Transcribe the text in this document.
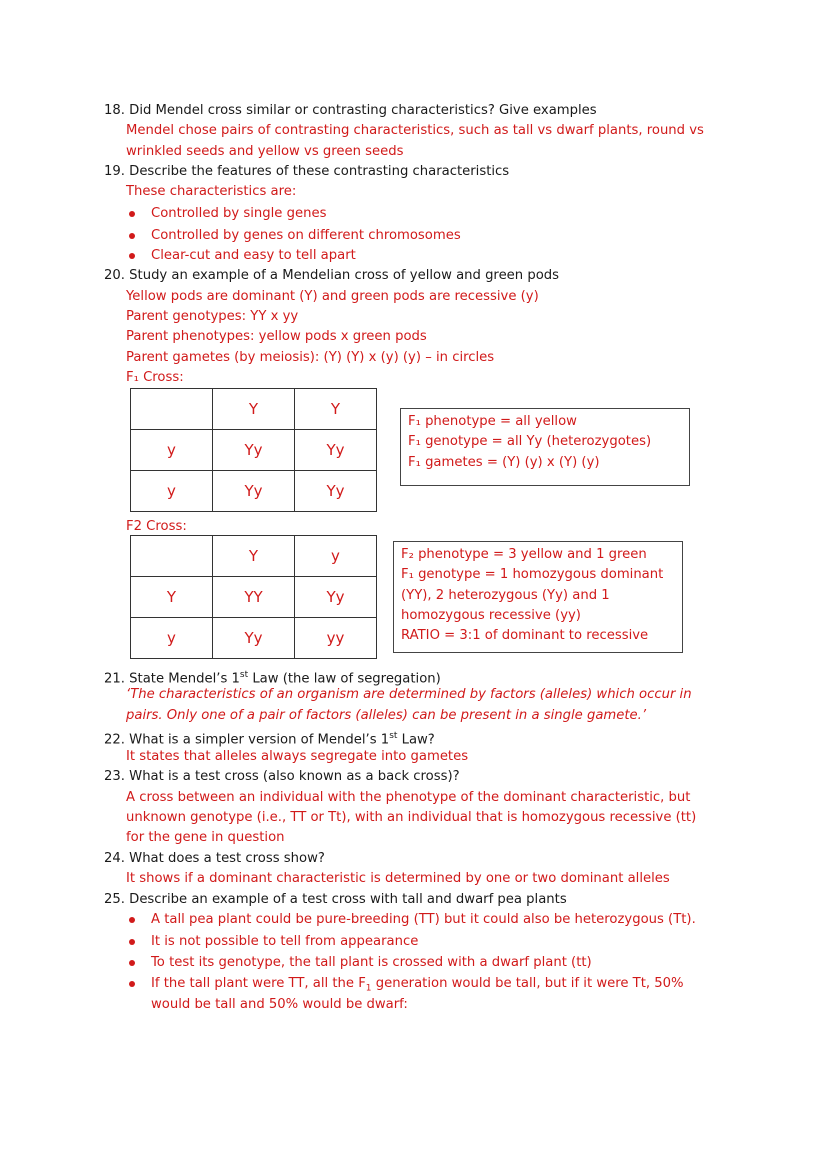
18. Did Mendel cross similar or contrasting characteristics? Give examples
Mendel chose pairs of contrasting characteristics, such as tall vs dwarf plants, round vs
wrinkled seeds and yellow vs green seeds
19. Describe the features of these contrasting characteristics
These characteristics are:
Controlled by single genes
Controlled by genes on different chromosomes
Clear-cut and easy to tell apart
20. Study an example of a Mendelian cross of yellow and green pods
Yellow pods are dominant (Y) and green pods are recessive (y)
Parent genotypes: YY x yy
Parent phenotypes: yellow pods x green pods
Parent gametes (by meiosis): (Y) (Y) x (y) (y) – in circles
F₁ Cross:
	Y	Y
y	Yy	Yy
y	Yy	Yy
F₁ phenotype = all yellow
F₁ genotype = all Yy (heterozygotes)
F₁ gametes = (Y) (y) x (Y) (y)
F2 Cross:
	Y	y
Y	YY	Yy
y	Yy	yy
F₂ phenotype = 3 yellow and 1 green
F₁ genotype = 1 homozygous dominant
(YY), 2 heterozygous (Yy) and 1
homozygous recessive (yy)
RATIO = 3:1 of dominant to recessive
21. State Mendel’s 1st Law (the law of segregation)
‘The characteristics of an organism are determined by factors (alleles) which occur in
pairs. Only one of a pair of factors (alleles) can be present in a single gamete.’
22. What is a simpler version of Mendel’s 1st Law?
It states that alleles always segregate into gametes
23. What is a test cross (also known as a back cross)?
A cross between an individual with the phenotype of the dominant characteristic, but
unknown genotype (i.e., TT or Tt), with an individual that is homozygous recessive (tt)
for the gene in question
24. What does a test cross show?
It shows if a dominant characteristic is determined by one or two dominant alleles
25. Describe an example of a test cross with tall and dwarf pea plants
A tall pea plant could be pure-breeding (TT) but it could also be heterozygous (Tt).
It is not possible to tell from appearance
To test its genotype, the tall plant is crossed with a dwarf plant (tt)
If the tall plant were TT, all the $F_1$ generation would be tall, but if it were Tt, 50%
would be tall and 50% would be dwarf:
